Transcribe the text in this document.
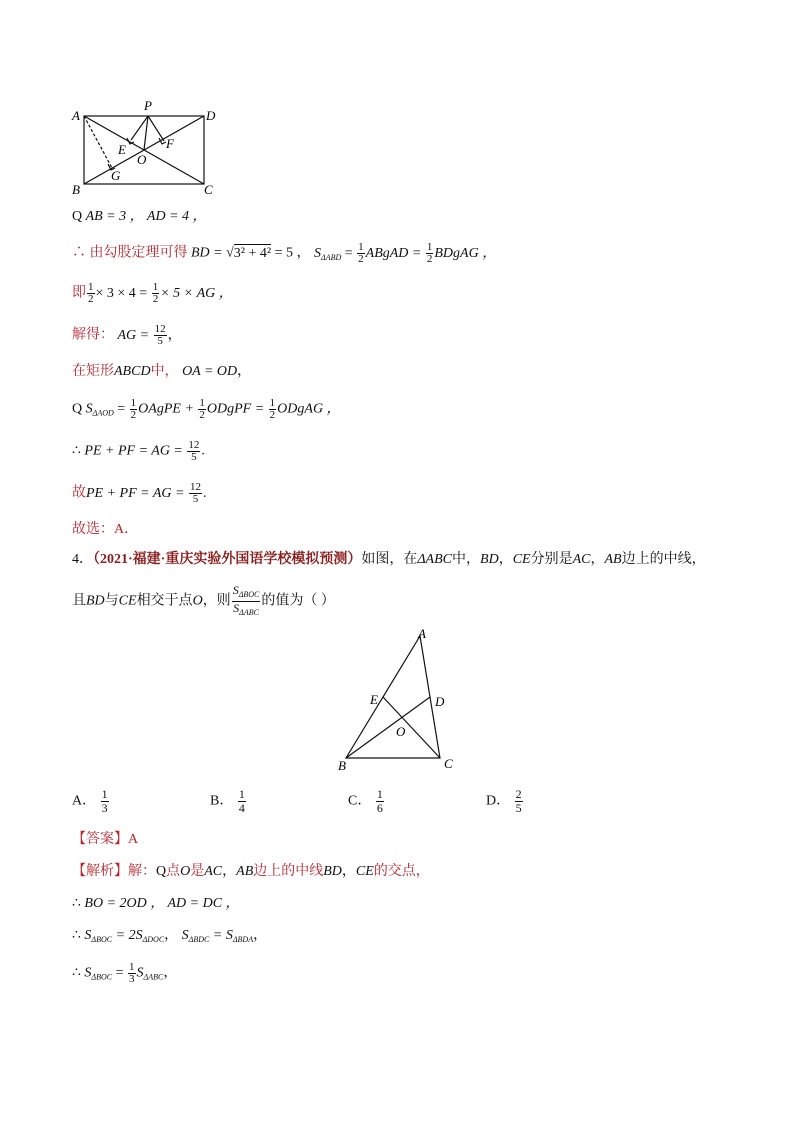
A
P
D
E
O
F
G
B	C
Q AB = 3 ， AD = 4 ，
∴ 由勾股定理可得 BD = √3² + 4² = 5 ， $S_{\Delta ABD} = \frac{1}{2}$ ABgAD = $\frac{1}{2}$ BDgAG ，
即 $\frac{1}{2} \times 3 \times 4 = \frac{1}{2} \times 5$ × AG ，
解得： AG = $\frac{12}{5}$ ，
在矩形ABCD中， OA = OD，
Q $S_{\Delta AOD} = \frac{1}{2}$ OAgPE + $\frac{1}{2}$ ODgPF = $\frac{1}{2}$ ODgAG ，
∴ PE + PF = AG = $\frac{12}{5}$ .
故PE + PF = AG = $\frac{12}{5}$ .
故选：A．
4．（2021·福建·重庆实验外国语学校模拟预测）如图，在ΔABC中，BD，CE分别是AC，AB边上的中线，
且BD与CE相交于点O，则 $\frac{S_{\Delta BOC}}{S_{\Delta ABC}}$ 的值为（ ）
A
E	D
O
B	C
A． $\frac{1}{3}$	B． $\frac{1}{4}$	C． $\frac{1}{6}$	D． $\frac{2}{5}$
【答案】A
【解析】解：Q点O是AC，AB边上的中线BD，CE的交点，
∴ BO = 2OD ， AD = DC ，
∴ $S_{\Delta BOC} = 2S_{\Delta DOC}$， $S_{\Delta BDC} = S_{\Delta BDA}$，
∴ $S_{\Delta BOC} = \frac{1}{3} S_{\Delta ABC}$，
